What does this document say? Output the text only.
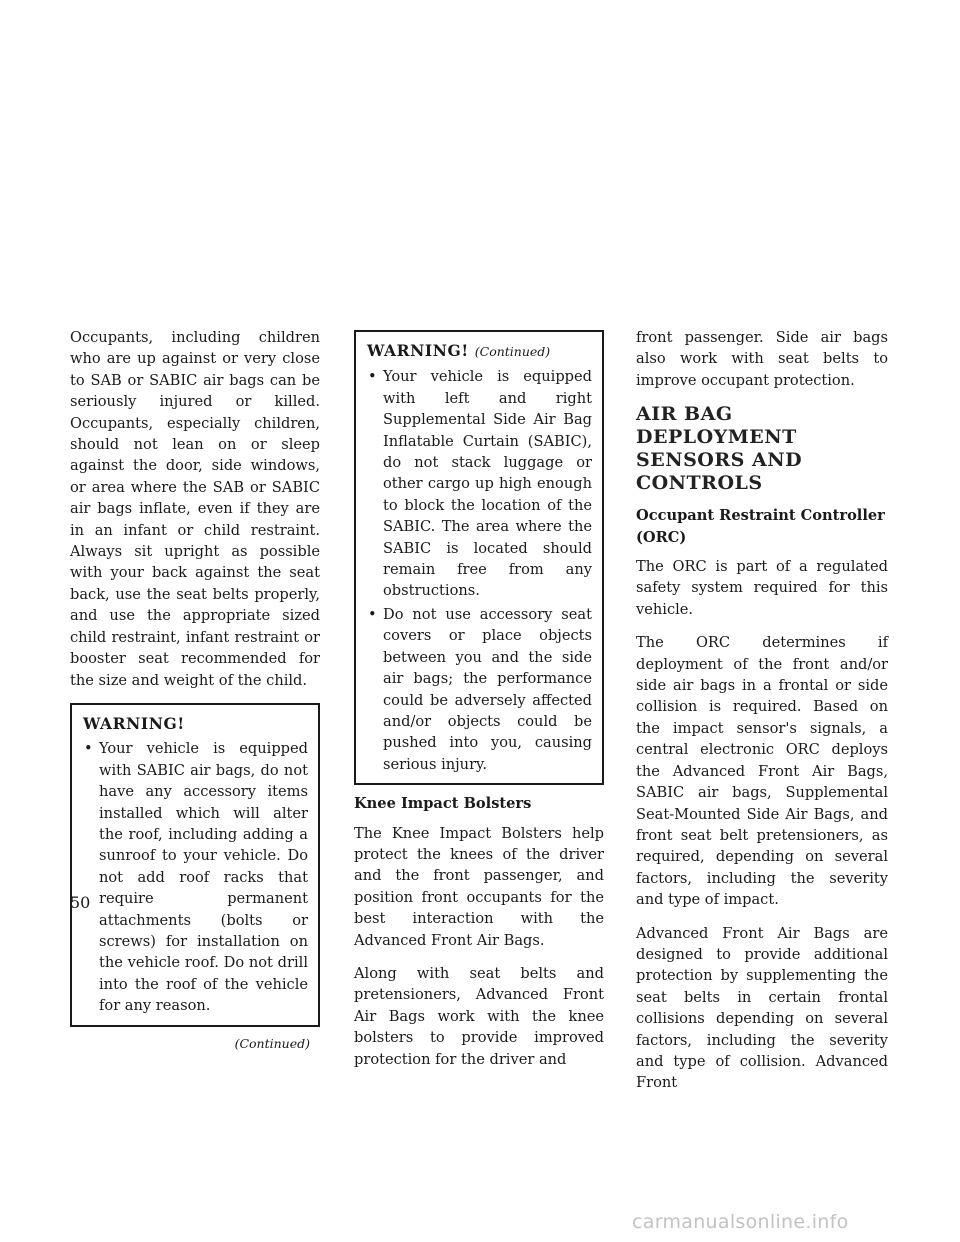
Occupants, including children who are up against or very close to SAB or SABIC air bags can be seriously injured or killed. Occupants, especially children, should not lean on or sleep against the door, side windows, or area where the SAB or SABIC air bags inflate, even if they are in an infant or child restraint. Always sit upright as possible with your back against the seat back, use the seat belts properly, and use the appropriate sized child restraint, infant restraint or booster seat recommended for the size and weight of the child.

WARNING!
• Your vehicle is equipped with SABIC air bags, do not have any accessory items installed which will alter the roof, including adding a sunroof to your vehicle. Do not add roof racks that require permanent attachments (bolts or screws) for installation on the vehicle roof. Do not drill into the roof of the vehicle for any reason.
(Continued)
WARNING! (Continued)
• Your vehicle is equipped with left and right Supplemental Side Air Bag Inflatable Curtain (SABIC), do not stack luggage or other cargo up high enough to block the location of the SABIC. The area where the SABIC is located should remain free from any obstructions.
• Do not use accessory seat covers or place objects between you and the side air bags; the performance could be adversely affected and/or objects could be pushed into you, causing serious injury.
Knee Impact Bolsters

The Knee Impact Bolsters help protect the knees of the driver and the front passenger, and position front occupants for the best interaction with the Advanced Front Air Bags.

Along with seat belts and pretensioners, Advanced Front Air Bags work with the knee bolsters to provide improved protection for the driver and

front passenger. Side air bags also work with seat belts to improve occupant protection.

AIR BAG DEPLOYMENT SENSORS AND CONTROLS
Occupant Restraint Controller (ORC)

The ORC is part of a regulated safety system required for this vehicle.

The ORC determines if deployment of the front and/or side air bags in a frontal or side collision is required. Based on the impact sensor's signals, a central electronic ORC deploys the Advanced Front Air Bags, SABIC air bags, Supplemental Seat-Mounted Side Air Bags, and front seat belt pretensioners, as required, depending on several factors, including the severity and type of impact.

Advanced Front Air Bags are designed to provide additional protection by supplementing the seat belts in certain frontal collisions depending on several factors, including the severity and type of collision. Advanced Front

50
carmanualsonline.info
